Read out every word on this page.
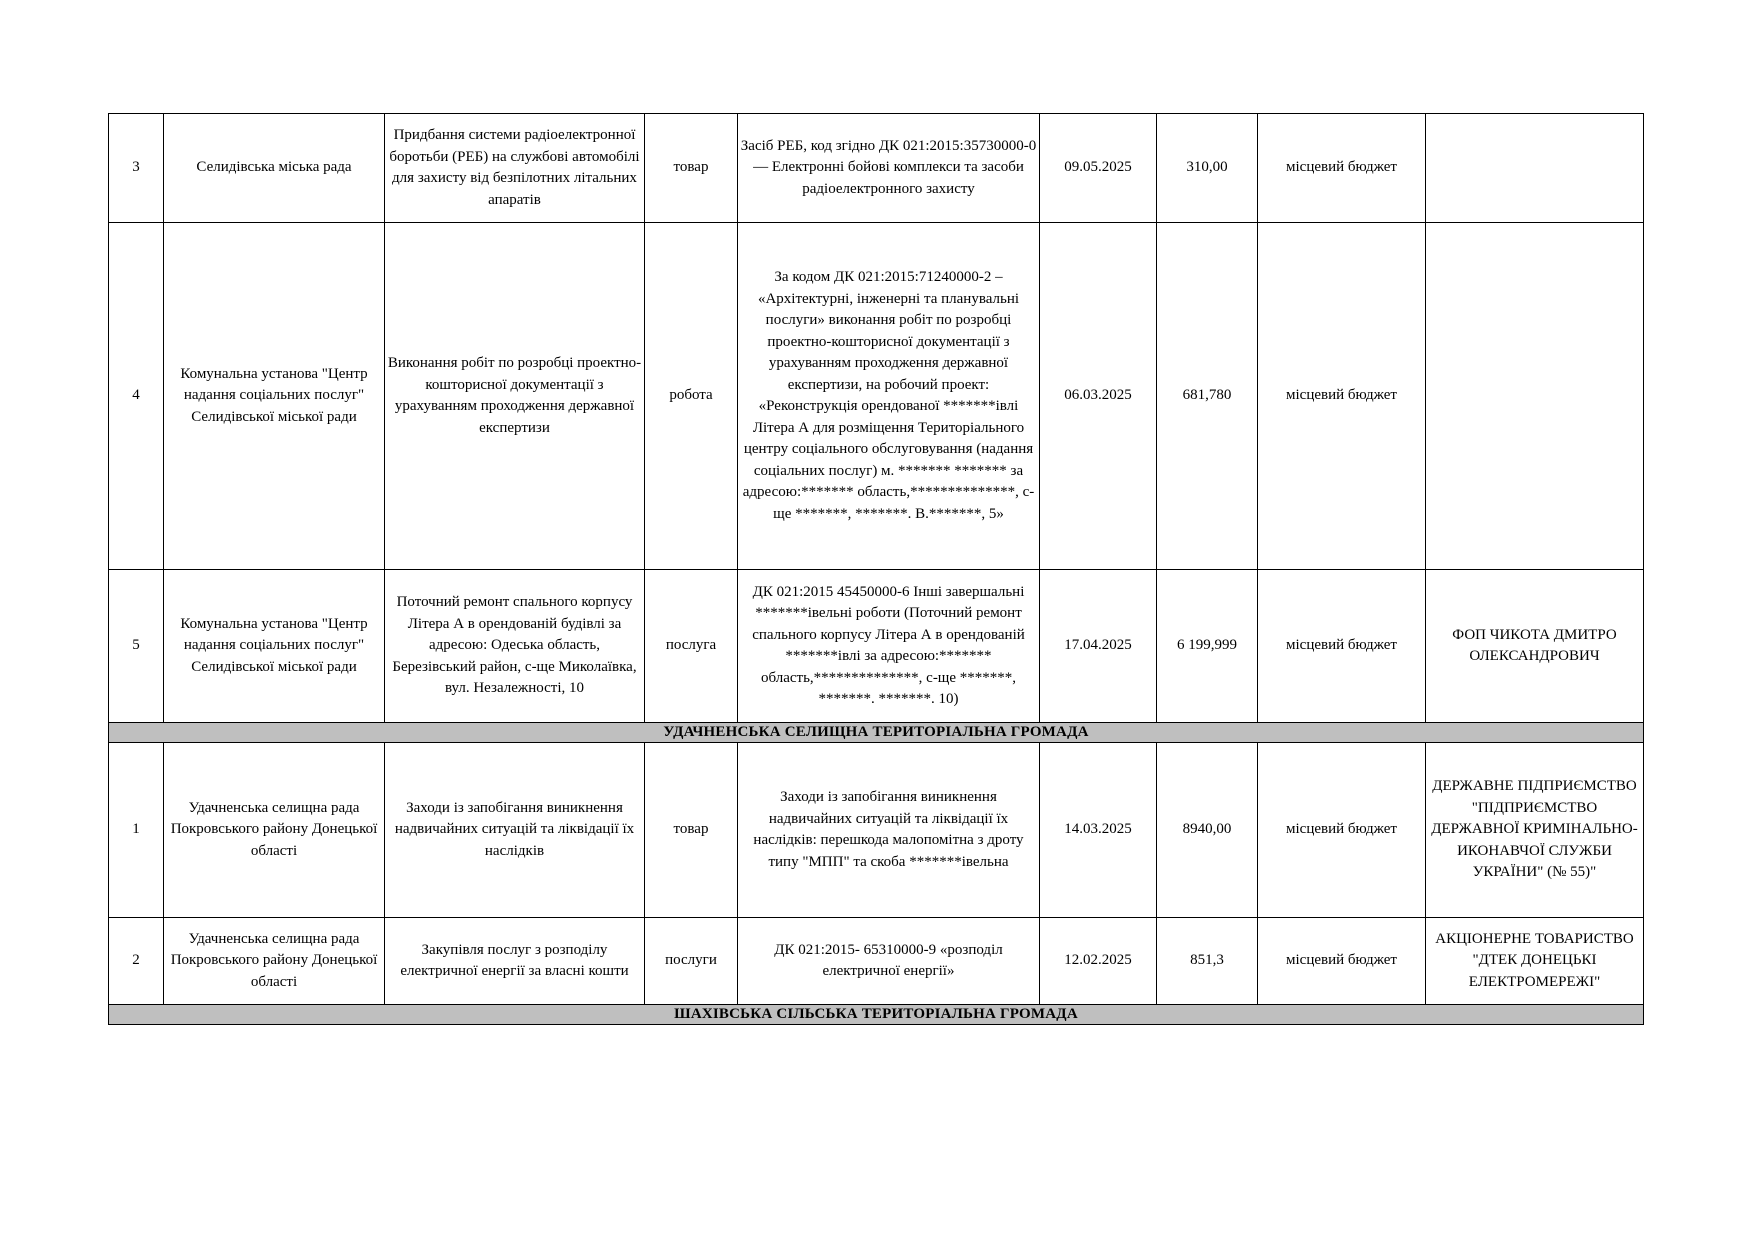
3	Селидівська міська рада	Придбання системи радіоелектронної боротьби (РЕБ) на службові автомобілі для захисту від безпілотних літальних апаратів	товар	Засіб РЕБ, код згідно ДК 021:2015:35730000-0 — Електронні бойові комплекси та засоби радіоелектронного захисту	09.05.2025	310,00	місцевий бюджет	
4	Комунальна установа "Центр надання соціальних послуг" Селидівської міської ради	Виконання робіт по розробці проектно-кошторисної документації з урахуванням проходження державної експертизи	робота	За кодом ДК 021:2015:71240000-2 – «Архітектурні, інженерні та планувальні послуги» виконання робіт по розробці проектно-кошторисної документації з урахуванням проходження державної експертизи, на робочий проект: «Реконструкція орендованої *******івлі Літера А для розміщення Територіального центру соціального обслуговування (надання соціальних послуг) м. ******* ******* за адресою:******* область,**************, с-ще *******, *******. В.*******, 5»	06.03.2025	681,780	місцевий бюджет	
5	Комунальна установа "Центр надання соціальних послуг" Селидівської міської ради	Поточний ремонт спального корпусу Літера А в орендованій будівлі за адресою: Одеська область, Березівський район, с-ще Миколаївка, вул. Незалежності, 10	послуга	ДК 021:2015 45450000-6 Інші завершальні *******івельні роботи (Поточний ремонт спального корпусу Літера А в орендованій *******івлі за адресою:******* область,**************, с-ще *******, *******. *******. 10)	17.04.2025	6 199,999	місцевий бюджет	ФОП ЧИКОТА ДМИТРО ОЛЕКСАНДРОВИЧ
УДАЧНЕНСЬКА СЕЛИЩНА ТЕРИТОРІАЛЬНА ГРОМАДА								
1	Удачненська селищна рада Покровського району Донецької області	Заходи із запобігання виникнення надвичайних ситуацій та ліквідації їх наслідків	товар	Заходи із запобігання виникнення надвичайних ситуацій та ліквідації їх наслідків: перешкода малопомітна з дроту типу "МПП" та скоба *******івельна	14.03.2025	8940,00	місцевий бюджет	ДЕРЖАВНЕ ПІДПРИЄМСТВО "ПІДПРИЄМСТВО ДЕРЖАВНОЇ КРИМІНАЛЬНО-ИКОНАВЧОЇ СЛУЖБИ УКРАЇНИ" (№ 55)"
2	Удачненська селищна рада Покровського району Донецької області	Закупівля послуг з розподілу електричної енергії за власні кошти	послуги	ДК 021:2015- 65310000-9 «розподіл електричної енергії»	12.02.2025	851,3	місцевий бюджет	АКЦІОНЕРНЕ ТОВАРИСТВО "ДТЕК ДОНЕЦЬКІ ЕЛЕКТРОМЕРЕЖІ"
ШАХІВСЬКА СІЛЬСЬКА ТЕРИТОРІАЛЬНА ГРОМАДА								
